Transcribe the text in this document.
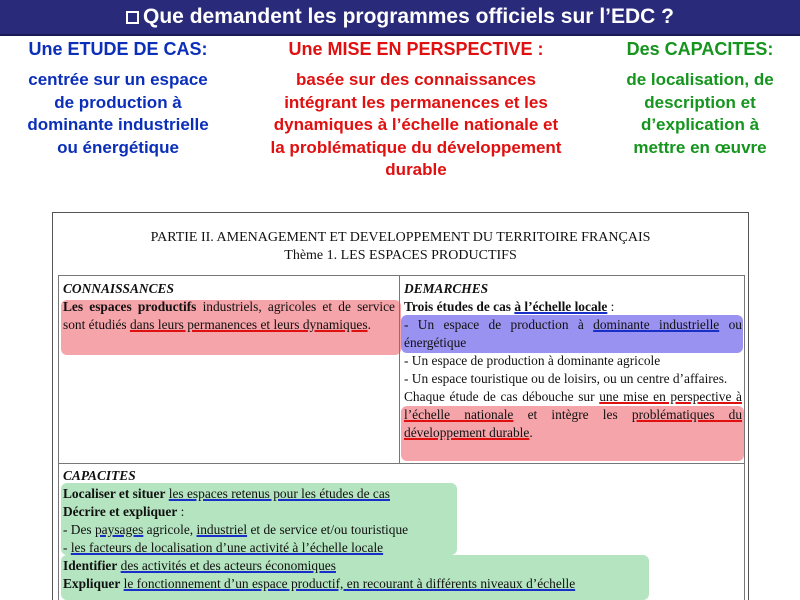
Que demandent les programmes officiels sur l’EDC ?
Une ETUDE DE CAS:
centrée sur un espace
de production à
dominante industrielle
ou énergétique
Une MISE EN PERSPECTIVE :
basée sur des connaissances
intégrant les permanences et les
dynamiques à l’échelle nationale et
la problématique du développement
durable
Des CAPACITES:
de localisation, de
description et
d’explication à
mettre en œuvre
PARTIE II. AMENAGEMENT ET DEVELOPPEMENT DU TERRITOIRE FRANÇAIS
Thème 1. LES ESPACES PRODUCTIFS
CONNAISSANCES
Les espaces productifs industriels, agricoles et de service sont étudiés dans leurs permanences et leurs dynamiques.
DEMARCHES
Trois études de cas à l’échelle locale :
- Un espace de production à dominante industrielle ou énergétique
- Un espace de production à dominante agricole
- Un espace touristique ou de loisirs, ou un centre d’affaires.
Chaque étude de cas débouche sur une mise en perspective à l’échelle nationale et intègre les problématiques du développement durable.
CAPACITES
Localiser et situer les espaces retenus pour les études de cas
Décrire et expliquer :
- Des paysages agricole, industriel et de service et/ou touristique
- les facteurs de localisation d’une activité à l’échelle locale
Identifier des activités et des acteurs économiques
Expliquer le fonctionnement d’un espace productif, en recourant à différents niveaux d’échelle
